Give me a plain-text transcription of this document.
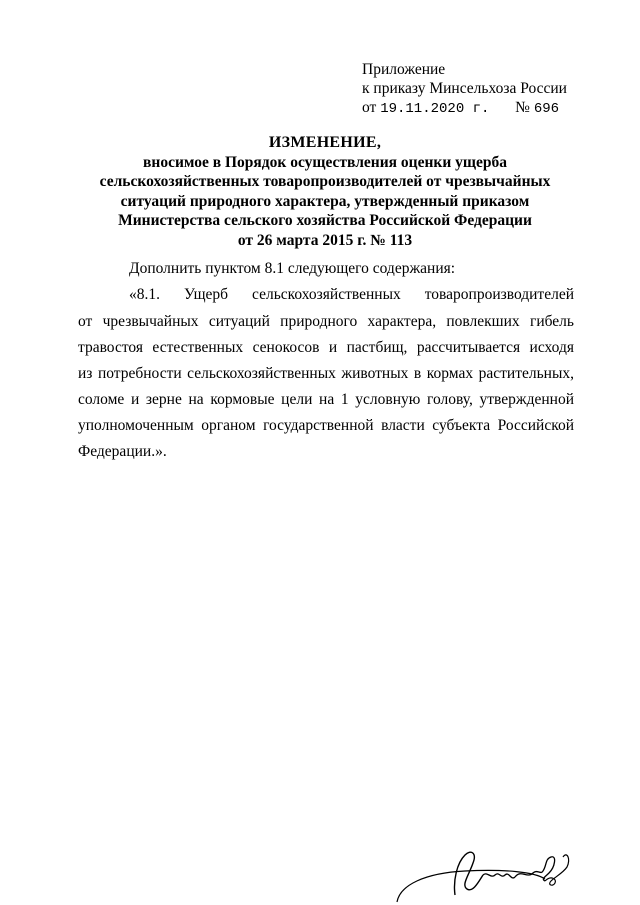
Приложение
к приказу Минсельхоза России
от 19.11.2020 г. № 696
ИЗМЕНЕНИЕ,
вносимое в Порядок осуществления оценки ущерба
сельскохозяйственных товаропроизводителей от чрезвычайных
ситуаций природного характера, утвержденный приказом
Министерства сельского хозяйства Российской Федерации
от 26 марта 2015 г. № 113
Дополнить пунктом 8.1 следующего содержания:
«8.1. Ущерб сельскохозяйственных товаропроизводителей
от чрезвычайных ситуаций природного характера, повлекших гибель
травостоя естественных сенокосов и пастбищ, рассчитывается исходя
из потребности сельскохозяйственных животных в кормах растительных,
соломе и зерне на кормовые цели на 1 условную голову, утвержденной
уполномоченным органом государственной власти субъекта Российской
Федерации.».
